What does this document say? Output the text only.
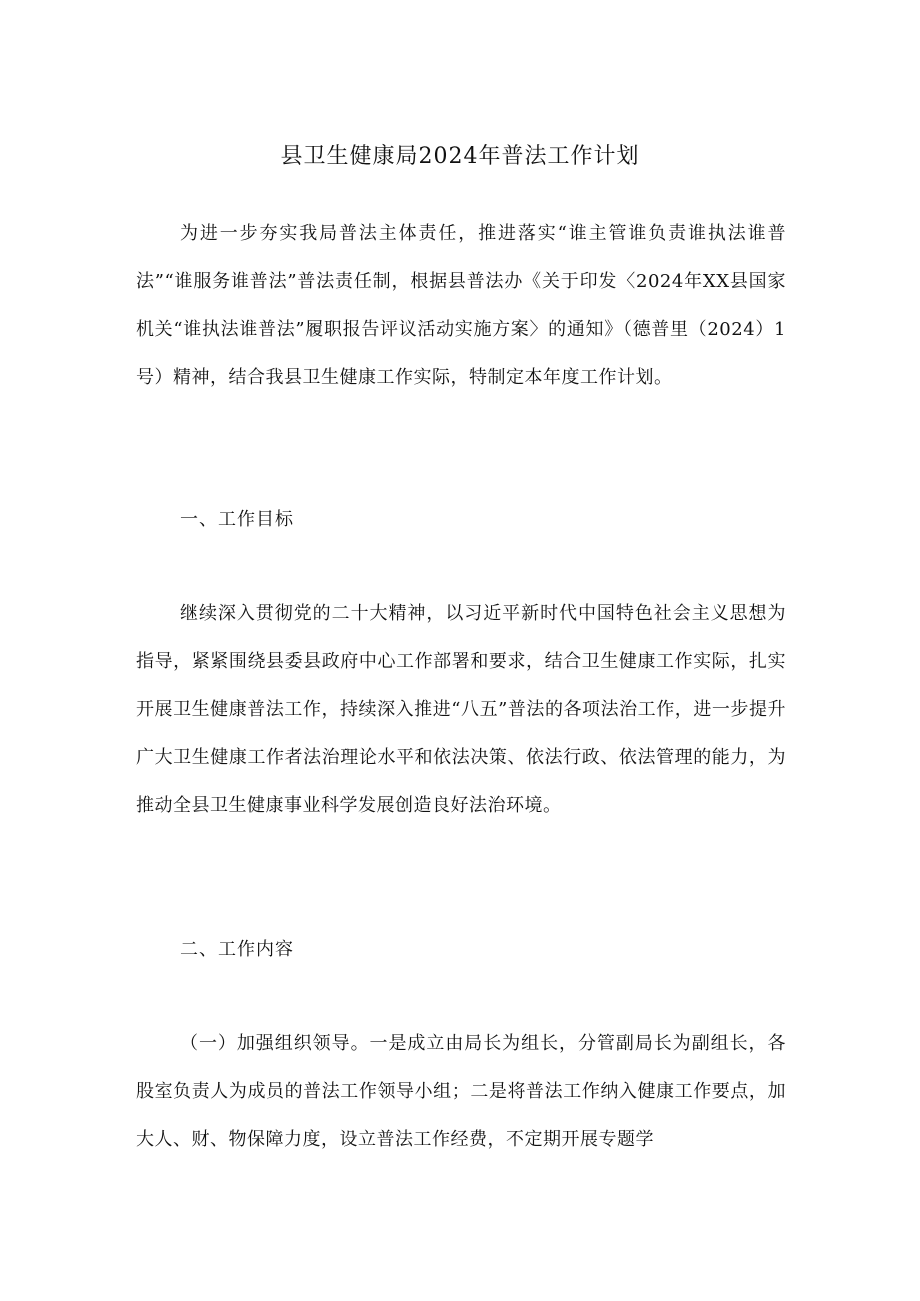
县卫生健康局2024年普法工作计划
为进一步夯实我局普法主体责任，推进落实“谁主管谁负责谁执法谁普法”“谁服务谁普法”普法责任制，根据县普法办《关于印发〈2024年XX县国家机关“谁执法谁普法”履职报告评议活动实施方案〉的通知》（德普里（2024）1号）精神，结合我县卫生健康工作实际，特制定本年度工作计划。
一、工作目标
继续深入贯彻党的二十大精神，以习近平新时代中国特色社会主义思想为指导，紧紧围绕县委县政府中心工作部署和要求，结合卫生健康工作实际，扎实开展卫生健康普法工作，持续深入推进“八五”普法的各项法治工作，进一步提升广大卫生健康工作者法治理论水平和依法决策、依法行政、依法管理的能力，为推动全县卫生健康事业科学发展创造良好法治环境。
二、工作内容
（一）加强组织领导。一是成立由局长为组长，分管副局长为副组长，各股室负责人为成员的普法工作领导小组；二是将普法工作纳入健康工作要点，加大人、财、物保障力度，设立普法工作经费，不定期开展专题学
